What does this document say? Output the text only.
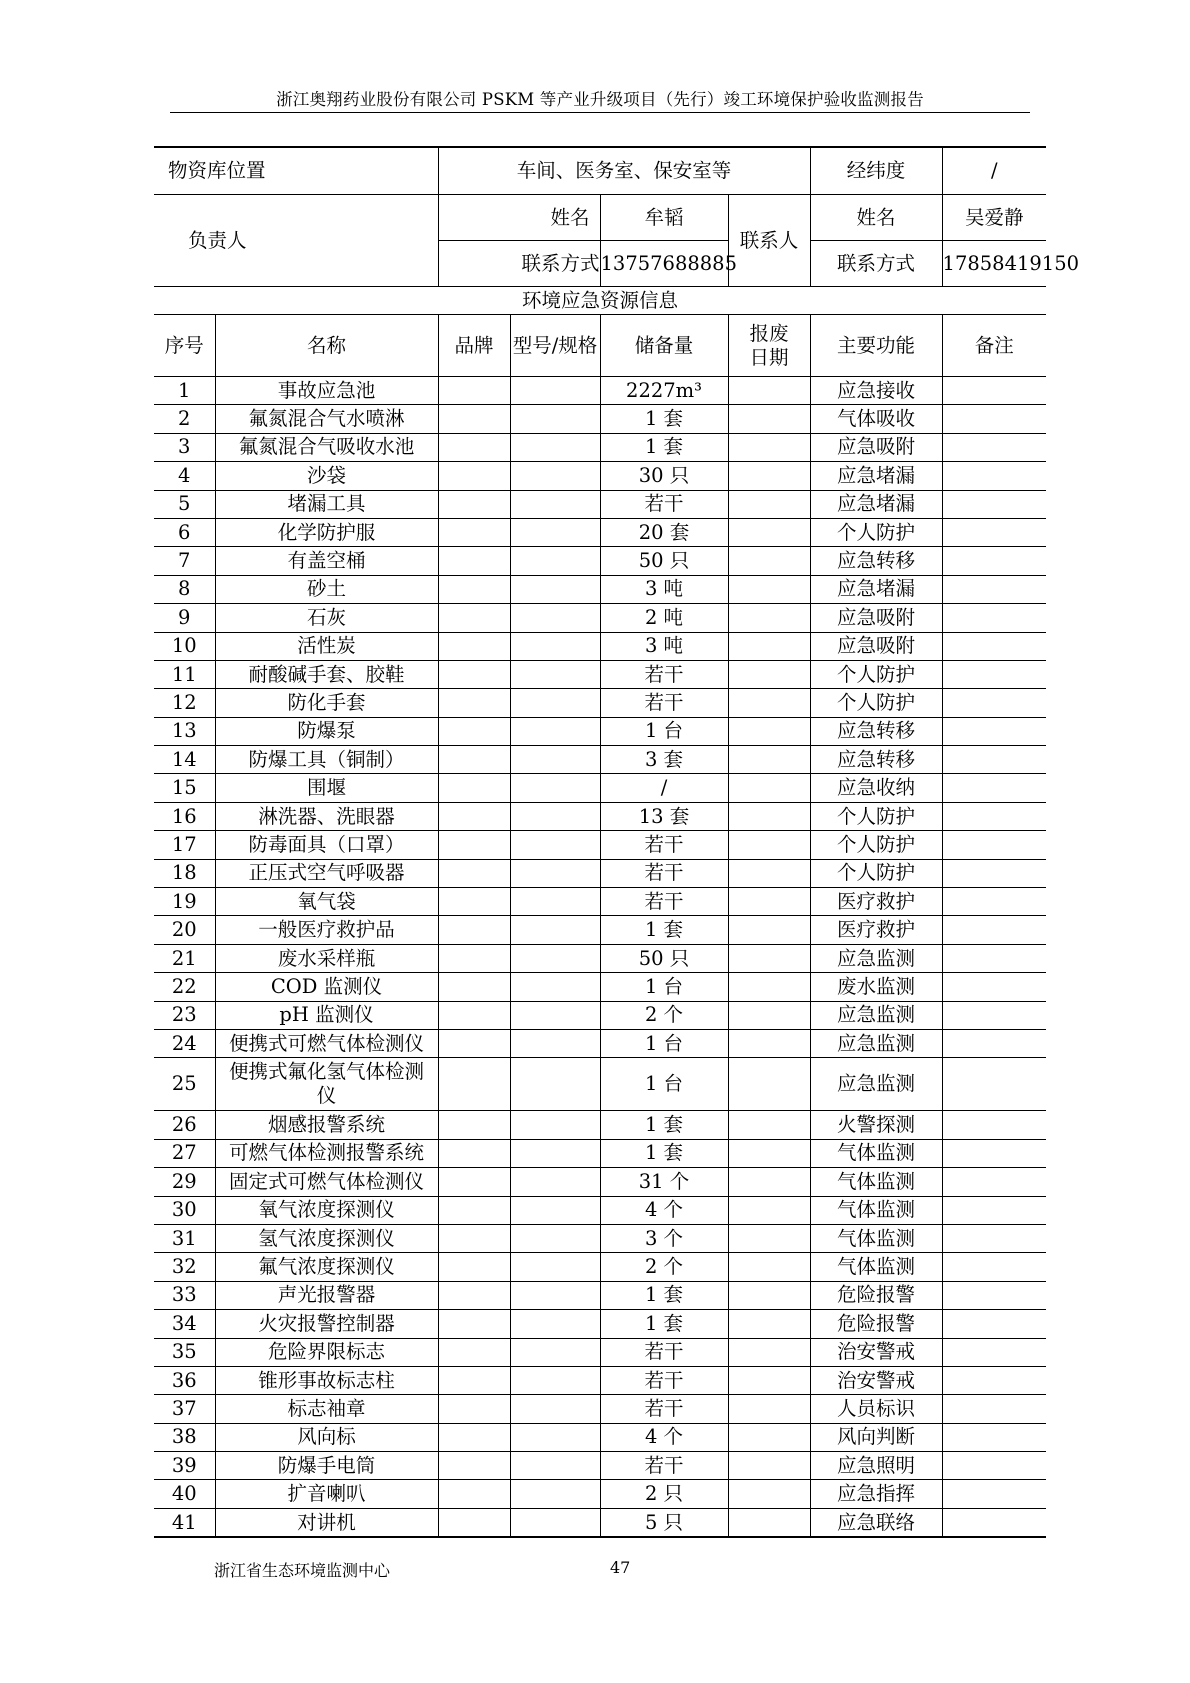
浙江奥翔药业股份有限公司 PSKM 等产业升级项目（先行）竣工环境保护验收监测报告
物资库位置		车间、医务室、保安室等				经纬度	/
负责人		姓名		牟韬	联系人	姓名	吴爱静
		联系方式		13757688885		联系方式	17858419150
环境应急资源信息							
序号	名称	品牌	型号/规格	储备量	报废日期	主要功能	备注
1	事故应急池			2227m³		应急接收	
2	氟氮混合气水喷淋			1 套		气体吸收	
3	氟氮混合气吸收水池			1 套		应急吸附	
4	沙袋			30 只		应急堵漏	
5	堵漏工具			若干		应急堵漏	
6	化学防护服			20 套		个人防护	
7	有盖空桶			50 只		应急转移	
8	砂土			3 吨		应急堵漏	
9	石灰			2 吨		应急吸附	
10	活性炭			3 吨		应急吸附	
11	耐酸碱手套、胶鞋			若干		个人防护	
12	防化手套			若干		个人防护	
13	防爆泵			1 台		应急转移	
14	防爆工具（铜制）			3 套		应急转移	
15	围堰			/		应急收纳	
16	淋洗器、洗眼器			13 套		个人防护	
17	防毒面具（口罩）			若干		个人防护	
18	正压式空气呼吸器			若干		个人防护	
19	氧气袋			若干		医疗救护	
20	一般医疗救护品			1 套		医疗救护	
21	废水采样瓶			50 只		应急监测	
22	COD 监测仪			1 台		废水监测	
23	pH 监测仪			2 个		应急监测	
24	便携式可燃气体检测仪			1 台		应急监测	
25	便携式氟化氢气体检测仪			1 台		应急监测	
26	烟感报警系统			1 套		火警探测	
27	可燃气体检测报警系统			1 套		气体监测	
29	固定式可燃气体检测仪			31 个		气体监测	
30	氧气浓度探测仪			4 个		气体监测	
31	氢气浓度探测仪			3 个		气体监测	
32	氟气浓度探测仪			2 个		气体监测	
33	声光报警器			1 套		危险报警	
34	火灾报警控制器			1 套		危险报警	
35	危险界限标志			若干		治安警戒	
36	锥形事故标志柱			若干		治安警戒	
37	标志袖章			若干		人员标识	
38	风向标			4 个		风向判断	
39	防爆手电筒			若干		应急照明	
40	扩音喇叭			2 只		应急指挥	
41	对讲机			5 只		应急联络	
浙江省生态环境监测中心	47
